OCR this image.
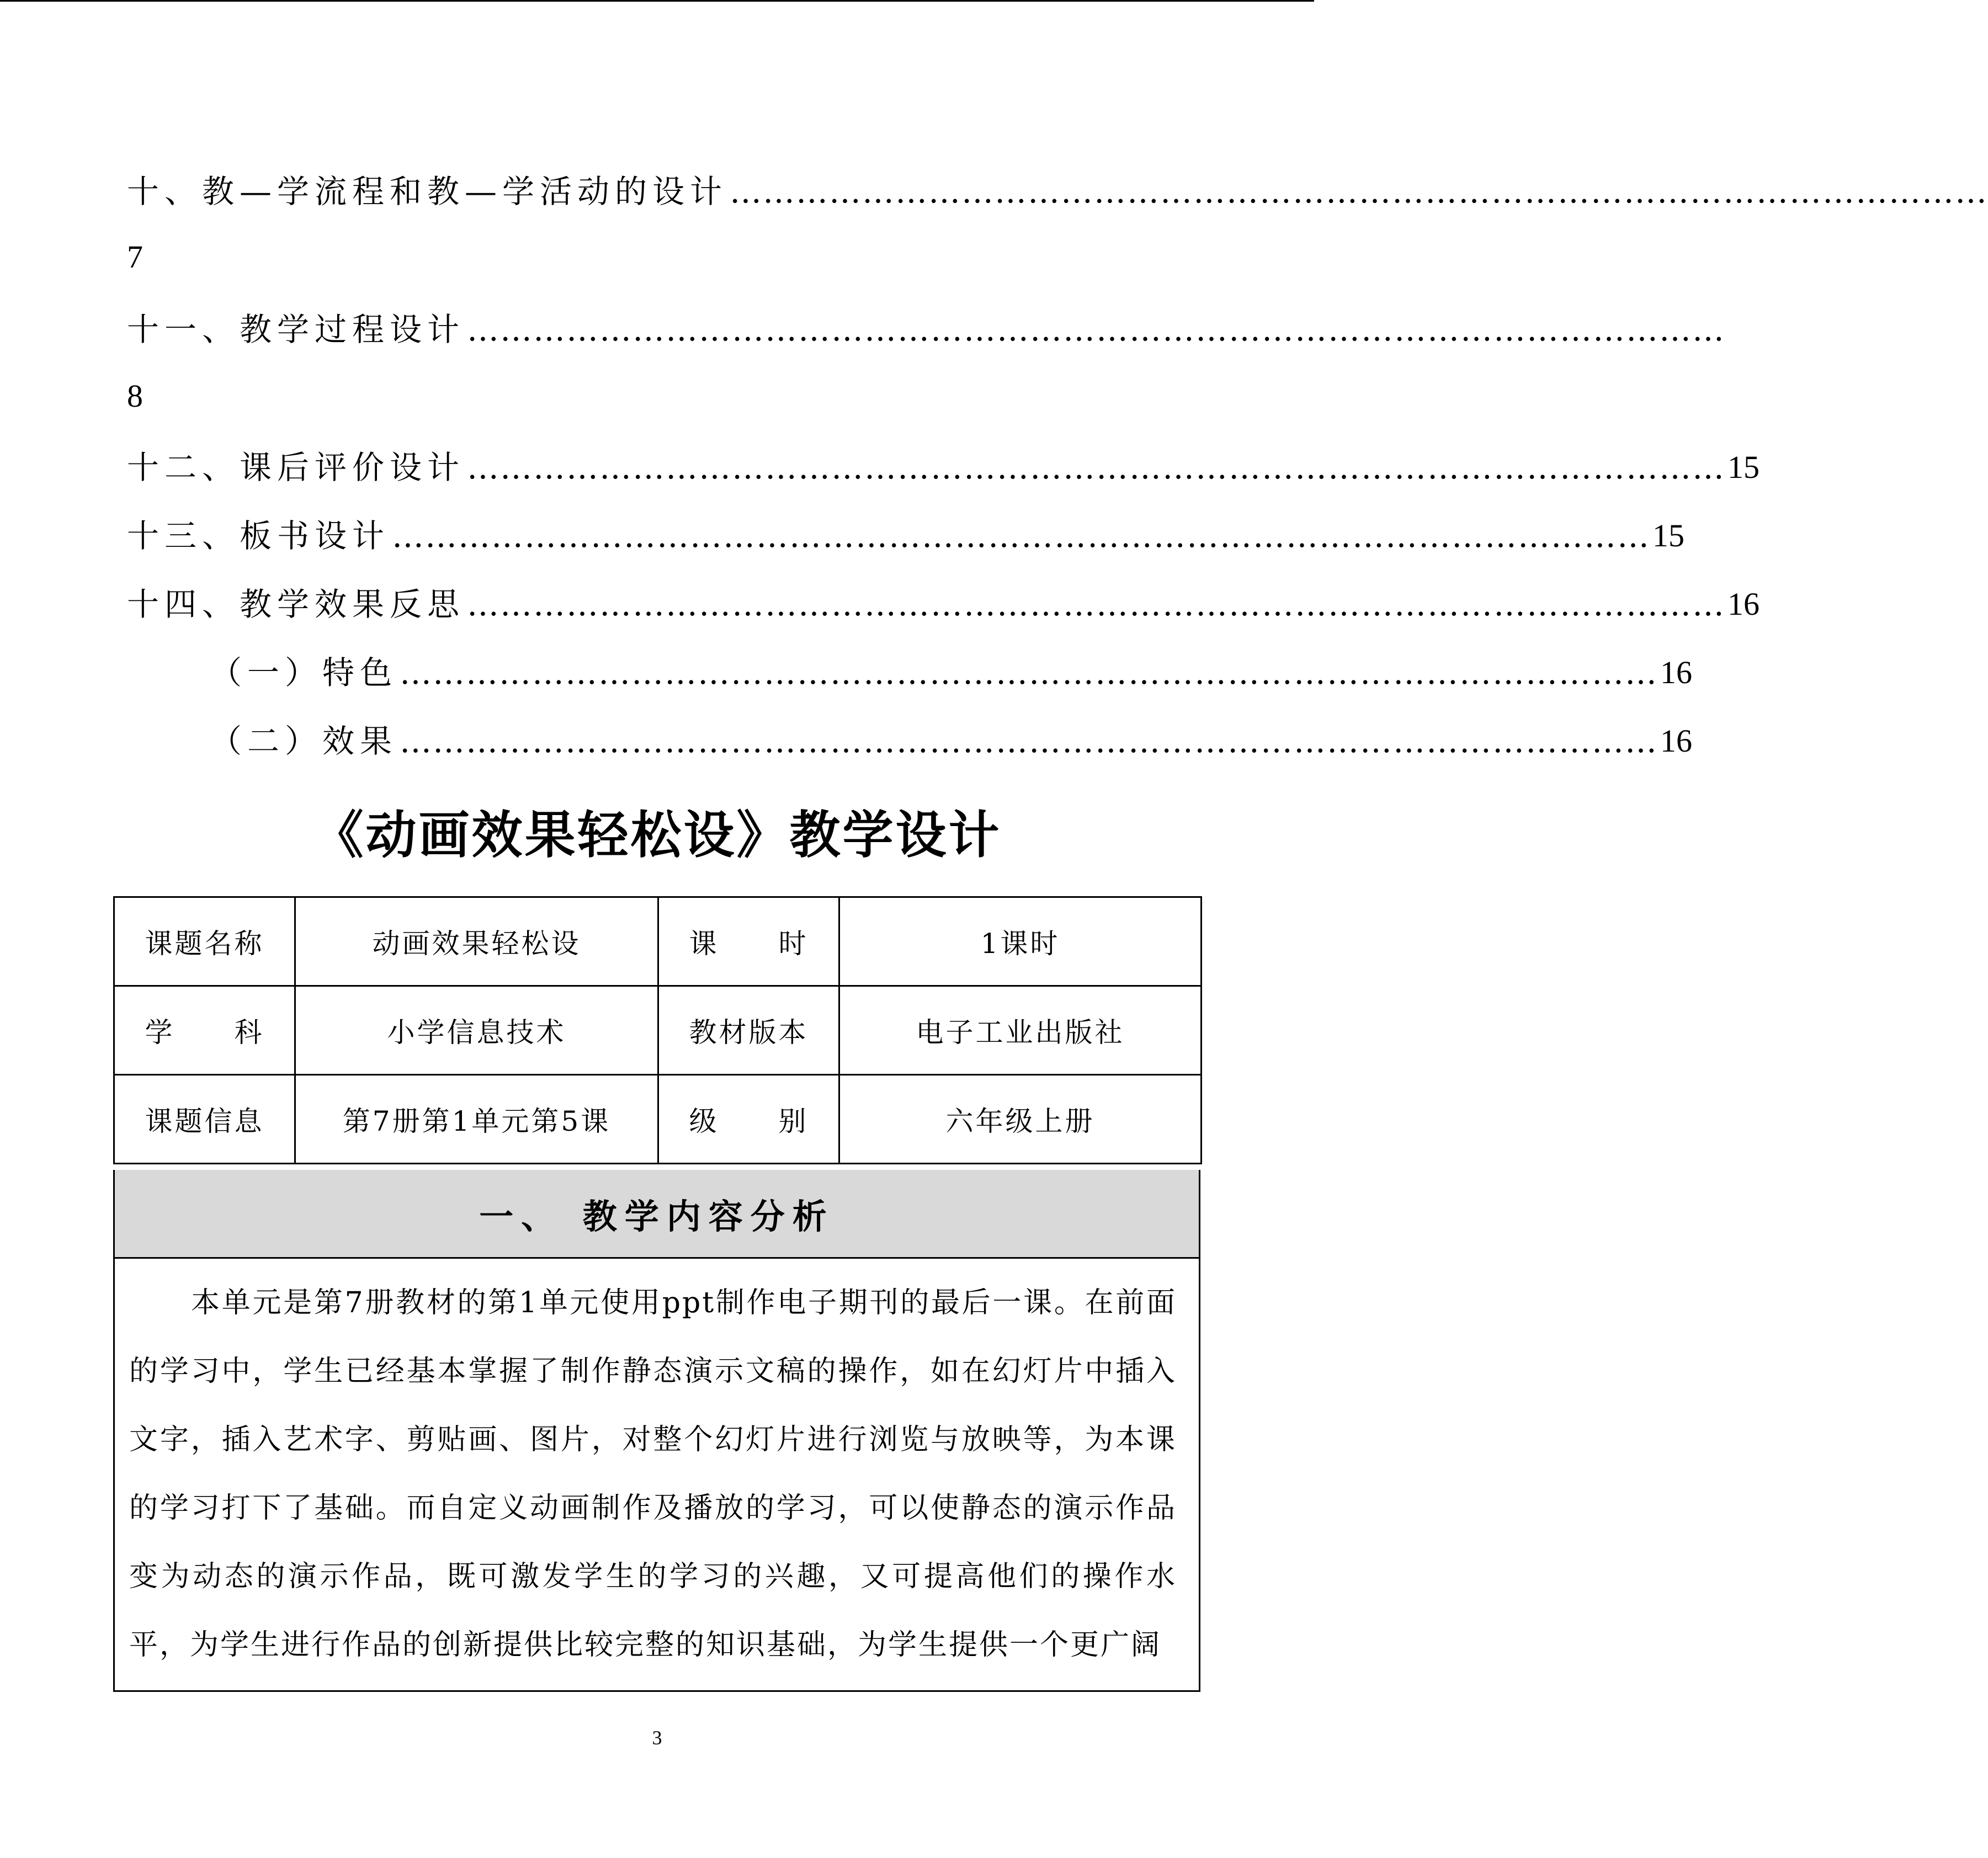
十、教—学流程和教—学活动的设计 ……………………………………………………………………………………………………
7
十一、教学过程设计 ……………………………………………………………………………………………………
8
十二、课后评价设计 …………………………………………………………………………………………………… 15
十三、板书设计 …………………………………………………………………………………………………… 15
十四、教学效果反思 …………………………………………………………………………………………………… 16
（一）特色 …………………………………………………………………………………………………… 16
（二）效果 …………………………………………………………………………………………………… 16
《动画效果轻松设》教学设计
课题名称	动画效果轻松设	课　　时	1课时
学　　科	小学信息技术	教材版本	电子工业出版社
课题信息	第7册第1单元第5课	级　　别	六年级上册
一、 教学内容分析

本单元是第7册教材的第1单元使用ppt制作电子期刊的最后一课。在前面的学习中，学生已经基本掌握了制作静态演示文稿的操作，如在幻灯片中插入文字，插入艺术字、剪贴画、图片，对整个幻灯片进行浏览与放映等，为本课的学习打下了基础。而自定义动画制作及播放的学习，可以使静态的演示作品变为动态的演示作品，既可激发学生的学习的兴趣，又可提高他们的操作水平，为学生进行作品的创新提供比较完整的知识基础，为学生提供一个更广阔

3
